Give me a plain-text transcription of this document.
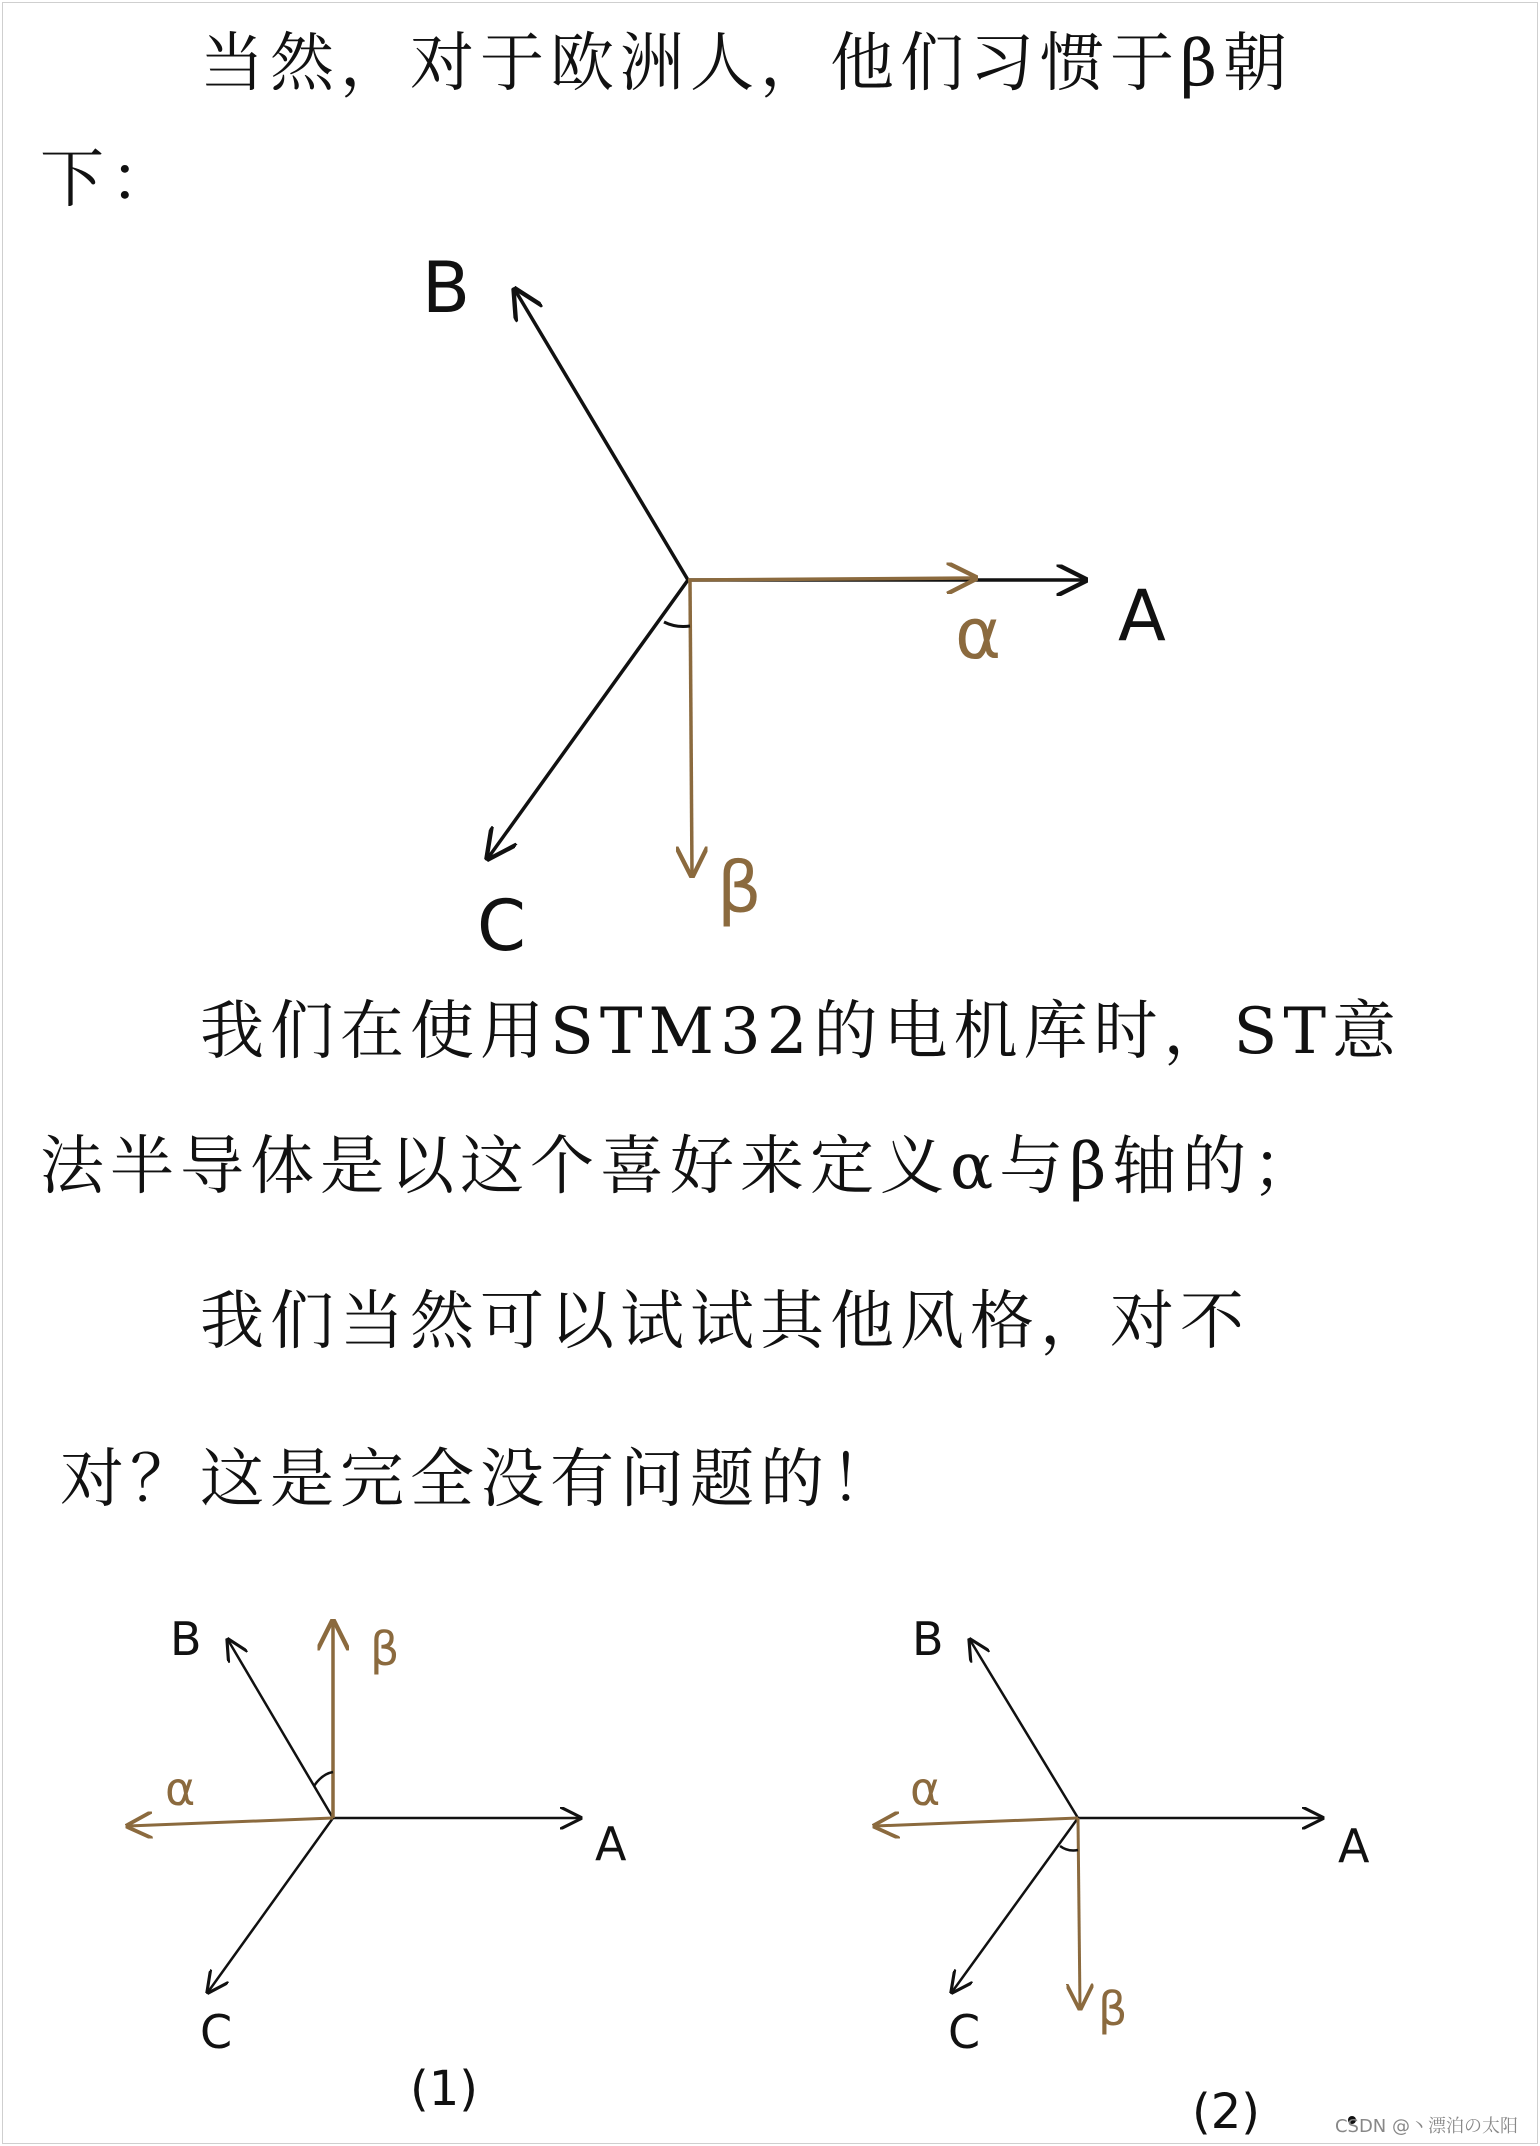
当然，对于欧洲人，他们习惯于β朝

下：

B
A
C
α
β
B	β
α
A
C
(1)
B
α
A
C	β
(2)

我们在使用STM32的电机库时，ST意

法半导体是以这个喜好来定义α与β轴的；

我们当然可以试试其他风格，对不

对？这是完全没有问题的！

CSDN @丶漂泊の太阳
